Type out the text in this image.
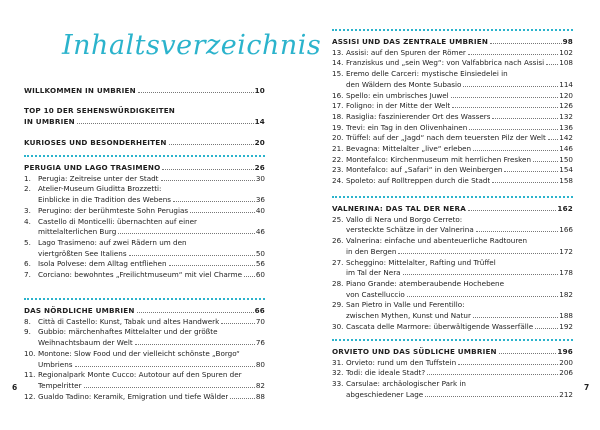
Inhaltsverzeichnis
WILLKOMMEN IN UMBRIEN	10
TOP 10 DER SEHENSWÜRDIGKEITEN
IN UMBRIEN	14
KURIOSES UND BESONDERHEITEN	20
PERUGIA UND LAGO TRASIMENO	26
1. Perugia: Zeitreise unter der Stadt	30
2. Atelier-Museum Giuditta Brozzetti:
Einblicke in die Tradition des Webens	36
3. Perugino: der berühmteste Sohn Perugias	40
4. Castello di Monticelli: übernachten auf einer
mittelalterlichen Burg	46
5. Lago Trasimeno: auf zwei Rädern um den
viertgrößten See Italiens	50
6. Isola Polvese: dem Alltag entfliehen	56
7. Corciano: bewohntes „Freilichtmuseum“ mit viel Charme 60
DAS NÖRDLICHE UMBRIEN	66
8. Città di Castello: Kunst, Tabak und altes Handwerk	70
9. Gubbio: märchenhaftes Mittelalter und der größte
Weihnachtsbaum der Welt	76
10. Montone: Slow Food und der vielleicht schönste „Borgo“
Umbriens	80
11. Regionalpark Monte Cucco: Autotour auf den Spuren der
Tempelritter	82
12. Gualdo Tadino: Keramik, Emigration und tiefe Wälder	88
ASSISI UND DAS ZENTRALE UMBRIEN	98
13. Assisi: auf den Spuren der Römer	102
14. Franziskus und „sein Weg“: von Valfabbrica nach Assisi 108
15. Eremo delle Carceri: mystische Einsiedelei in
den Wäldern des Monte Subasio	114
16. Spello: ein umbrisches Juwel	120
17. Foligno: in der Mitte der Welt	126
18. Rasiglia: faszinierender Ort des Wassers	132
19. Trevi: ein Tag in den Olivenhainen	136
20. Trüffel: auf der „Jagd“ nach dem teuersten Pilz der Welt 142
21. Bevagna: Mittelalter „live“ erleben	146
22. Montefalco: Kirchenmuseum mit herrlichen Fresken	150
23. Montefalco: auf „Safari“ in den Weinbergen	154
24. Spoleto: auf Rolltreppen durch die Stadt	158
VALNERINA: DAS TAL DER NERA	162
25. Vallo di Nera und Borgo Cerreto:
versteckte Schätze in der Valnerina	166
26. Valnerina: einfache und abenteuerliche Radtouren
in den Bergen	172
27. Scheggino: Mittelalter, Rafting und Trüffel
im Tal der Nera	178
28. Piano Grande: atemberaubende Hochebene
von Castelluccio	182
29. San Pietro in Valle und Ferentillo:
zwischen Mythen, Kunst und Natur	188
30. Cascata delle Marmore: überwältigende Wasserfälle	192
ORVIETO UND DAS SÜDLICHE UMBRIEN	196
31. Orvieto: rund um den Tuffstein	200
32. Todi: die ideale Stadt?	206
33. Carsulae: archäologischer Park in
abgeschiedener Lage	212
6	7
